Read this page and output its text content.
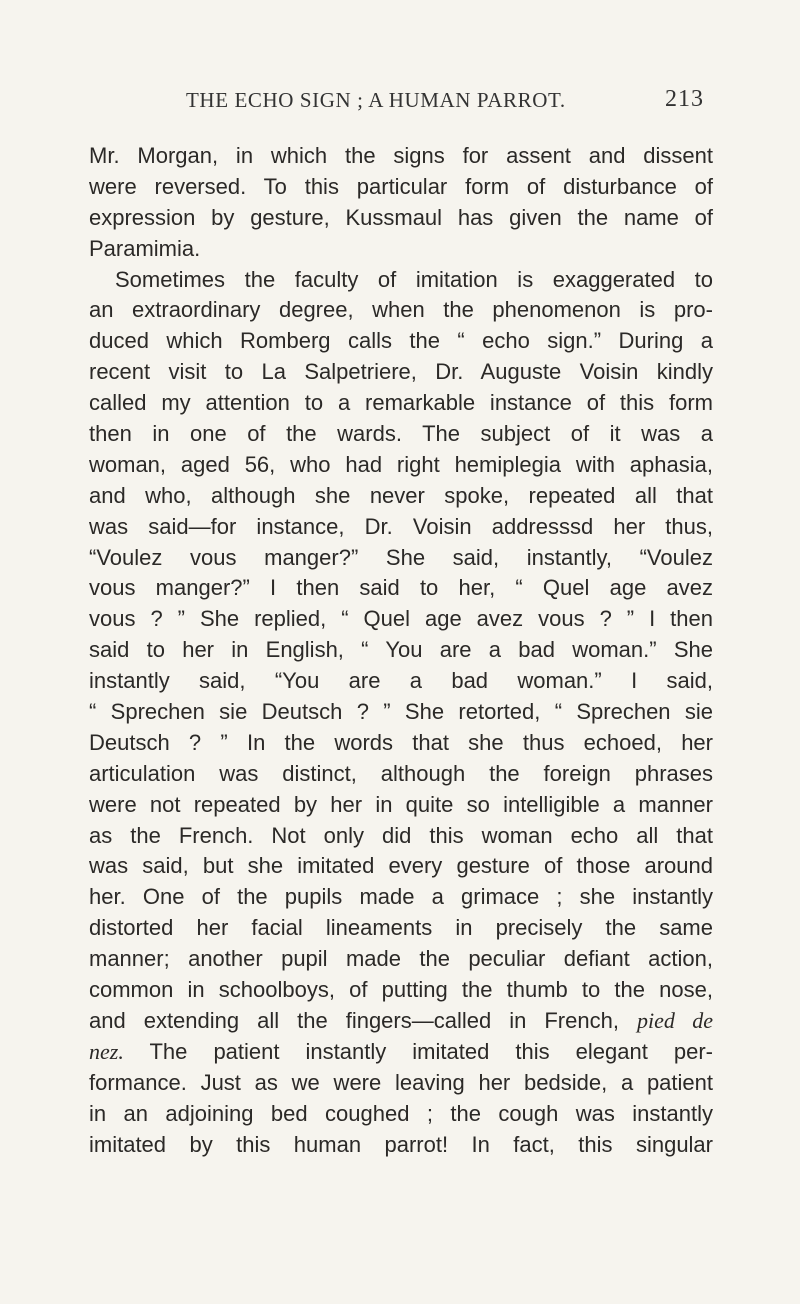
THE ECHO SIGN ; A HUMAN PARROT.	213
Mr. Morgan, in which the signs for assent and dissent
were reversed. To this particular form of disturbance of
expression by gesture, Kussmaul has given the name of
Paramimia.
Sometimes the faculty of imitation is exaggerated to
an extraordinary degree, when the phenomenon is pro-
duced which Romberg calls the “ echo sign.” During a
recent visit to La Salpetriere, Dr. Auguste Voisin kindly
called my attention to a remarkable instance of this form
then in one of the wards. The subject of it was a
woman, aged 56, who had right hemiplegia with aphasia,
and who, although she never spoke, repeated all that
was said—for instance, Dr. Voisin addresssd her thus,
“Voulez vous manger?” She said, instantly, “Voulez
vous manger?” I then said to her, “ Quel age avez
vous ? ” She replied, “ Quel age avez vous ? ” I then
said to her in English, “ You are a bad woman.” She
instantly said, “You are a bad woman.” I said,
“ Sprechen sie Deutsch ? ” She retorted, “ Sprechen sie
Deutsch ? ” In the words that she thus echoed, her
articulation was distinct, although the foreign phrases
were not repeated by her in quite so intelligible a manner
as the French. Not only did this woman echo all that
was said, but she imitated every gesture of those around
her. One of the pupils made a grimace ; she instantly
distorted her facial lineaments in precisely the same
manner; another pupil made the peculiar defiant action,
common in schoolboys, of putting the thumb to the nose,
and extending all the fingers—called in French, pied de
nez. The patient instantly imitated this elegant per-
formance. Just as we were leaving her bedside, a patient
in an adjoining bed coughed ; the cough was instantly
imitated by this human parrot! In fact, this singular
